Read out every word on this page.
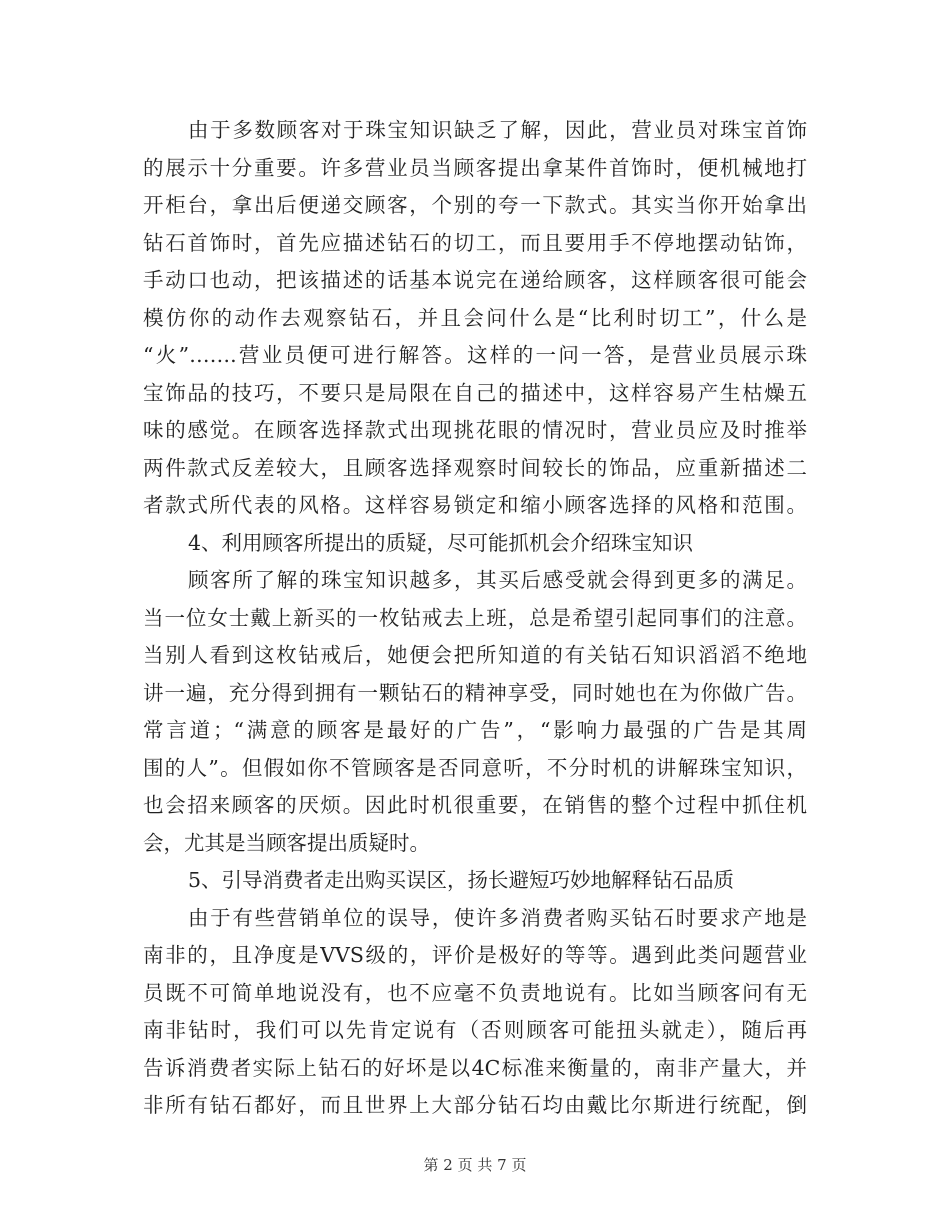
由于多数顾客对于珠宝知识缺乏了解，因此，营业员对珠宝首饰
的展示十分重要。许多营业员当顾客提出拿某件首饰时，便机械地打
开柜台，拿出后便递交顾客，个别的夸一下款式。其实当你开始拿出
钻石首饰时，首先应描述钻石的切工，而且要用手不停地摆动钻饰，
手动口也动，把该描述的话基本说完在递给顾客，这样顾客很可能会
模仿你的动作去观察钻石，并且会问什么是“比利时切工”，什么是
“火”…….营业员便可进行解答。这样的一问一答，是营业员展示珠
宝饰品的技巧，不要只是局限在自己的描述中，这样容易产生枯燥五
味的感觉。在顾客选择款式出现挑花眼的情况时，营业员应及时推举
两件款式反差较大，且顾客选择观察时间较长的饰品，应重新描述二
者款式所代表的风格。这样容易锁定和缩小顾客选择的风格和范围。
4、利用顾客所提出的质疑，尽可能抓机会介绍珠宝知识
顾客所了解的珠宝知识越多，其买后感受就会得到更多的满足。
当一位女士戴上新买的一枚钻戒去上班，总是希望引起同事们的注意。
当别人看到这枚钻戒后，她便会把所知道的有关钻石知识滔滔不绝地
讲一遍，充分得到拥有一颗钻石的精神享受，同时她也在为你做广告。
常言道；“满意的顾客是最好的广告”，“影响力最强的广告是其周
围的人”。但假如你不管顾客是否同意听，不分时机的讲解珠宝知识，
也会招来顾客的厌烦。因此时机很重要，在销售的整个过程中抓住机
会，尤其是当顾客提出质疑时。
5、引导消费者走出购买误区，扬长避短巧妙地解释钻石品质
由于有些营销单位的误导，使许多消费者购买钻石时要求产地是
南非的，且净度是VVS级的，评价是极好的等等。遇到此类问题营业
员既不可简单地说没有，也不应毫不负责地说有。比如当顾客问有无
南非钻时，我们可以先肯定说有（否则顾客可能扭头就走），随后再
告诉消费者实际上钻石的好坏是以4C标准来衡量的，南非产量大，并
非所有钻石都好，而且世界上大部分钻石均由戴比尔斯进行统配，倒
第 2 页 共 7 页
